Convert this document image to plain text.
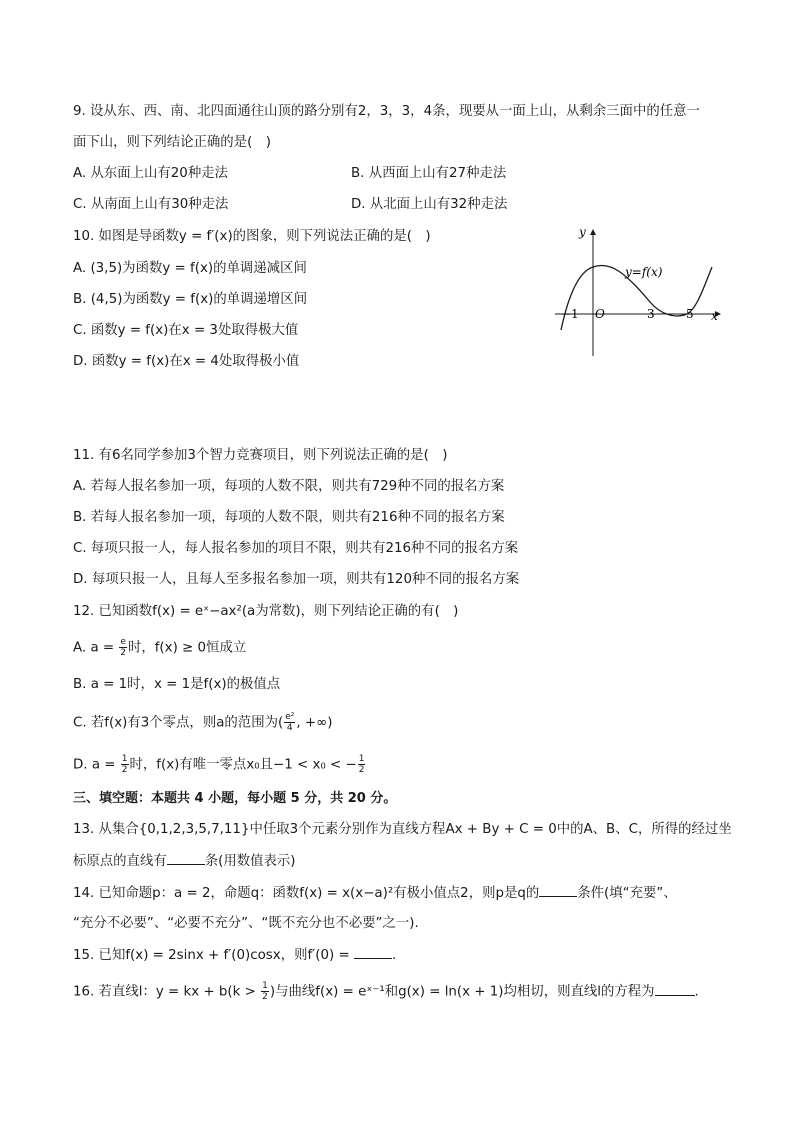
9. 设从东、西、南、北四面通往山顶的路分别有2，3，3，4条，现要从一面上山，从剩余三面中的任意一
面下山，则下列结论正确的是(　)
A. 从东面上山有20种走法	B. 从西面上山有27种走法
C. 从南面上山有30种走法	D. 从北面上山有32种走法
10. 如图是导函数y = f′(x)的图象，则下列说法正确的是(　)
A. (3,5)为函数y = f(x)的单调递减区间
B. (4,5)为函数y = f(x)的单调递增区间
C. 函数y = f(x)在x = 3处取得极大值
D. 函数y = f(x)在x = 4处取得极小值
y
x
O
y=f(x)
−1	3	5
11. 有6名同学参加3个智力竞赛项目，则下列说法正确的是(　)
A. 若每人报名参加一项，每项的人数不限，则共有729种不同的报名方案
B. 若每人报名参加一项，每项的人数不限，则共有216种不同的报名方案
C. 每项只报一人，每人报名参加的项目不限，则共有216种不同的报名方案
D. 每项只报一人，且每人至多报名参加一项，则共有120种不同的报名方案
12. 已知函数f(x) = eˣ−ax²(a为常数)，则下列结论正确的有(　)
A. $a = \frac{e}{2}$ 时，f(x) ≥ 0恒成立
B. a = 1时，x = 1是f(x)的极值点
C. 若f(x)有3个零点，则a的范围为( $\frac{\text{e²}}{4}$ , +∞)
D. $a = \frac{1}{2}$ 时，f(x)有唯一零点x₀且−1 < x₀ < − $\frac{1}{2}$
三、填空题：本题共 4 小题，每小题 5 分，共 20 分。
13. 从集合{0,1,2,3,5,7,11}中任取3个元素分别作为直线方程Ax + By + C = 0中的A、B、C，所得的经过坐
标原点的直线有	条(用数值表示)
14. 已知命题p：a = 2，命题q：函数f(x) = x(x−a)²有极小值点2，则p是q的	条件(填“充要”、
“充分不必要”、“必要不充分”、“既不充分也不必要”之一).
15. 已知f(x) = 2sinx + f′(0)cosx，则f′(0) =	.
16. 若直线l：y = kx + $b(k > \frac{1}{2}$ )与曲线f(x) = eˣ⁻¹和g(x) = ln(x + 1)均相切，则直线l的方程为	.
